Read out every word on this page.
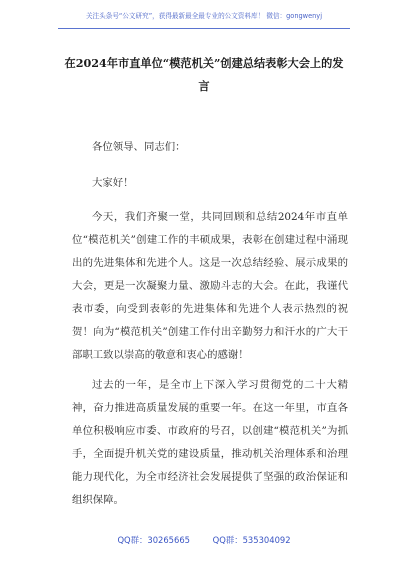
关注头条号“公文研究”，获得最新最全最专业的公文资料库！ 微信：gongwenyj
在2024年市直单位“模范机关”创建总结表彰大会上的发言

各位领导、同志们：

大家好！

今天，我们齐聚一堂，共同回顾和总结2024年市直单位“模范机关”创建工作的丰硕成果，表彰在创建过程中涌现出的先进集体和先进个人。这是一次总结经验、展示成果的大会，更是一次凝聚力量、激励斗志的大会。在此，我谨代表市委，向受到表彰的先进集体和先进个人表示热烈的祝贺！向为“模范机关”创建工作付出辛勤努力和汗水的广大干部职工致以崇高的敬意和衷心的感谢！

过去的一年，是全市上下深入学习贯彻党的二十大精神，奋力推进高质量发展的重要一年。在这一年里，市直各单位积极响应市委、市政府的号召，以创建“模范机关”为抓手，全面提升机关党的建设质量，推动机关治理体系和治理能力现代化，为全市经济社会发展提供了坚强的政治保证和组织保障。

QQ群：30265665	QQ群：535304092
